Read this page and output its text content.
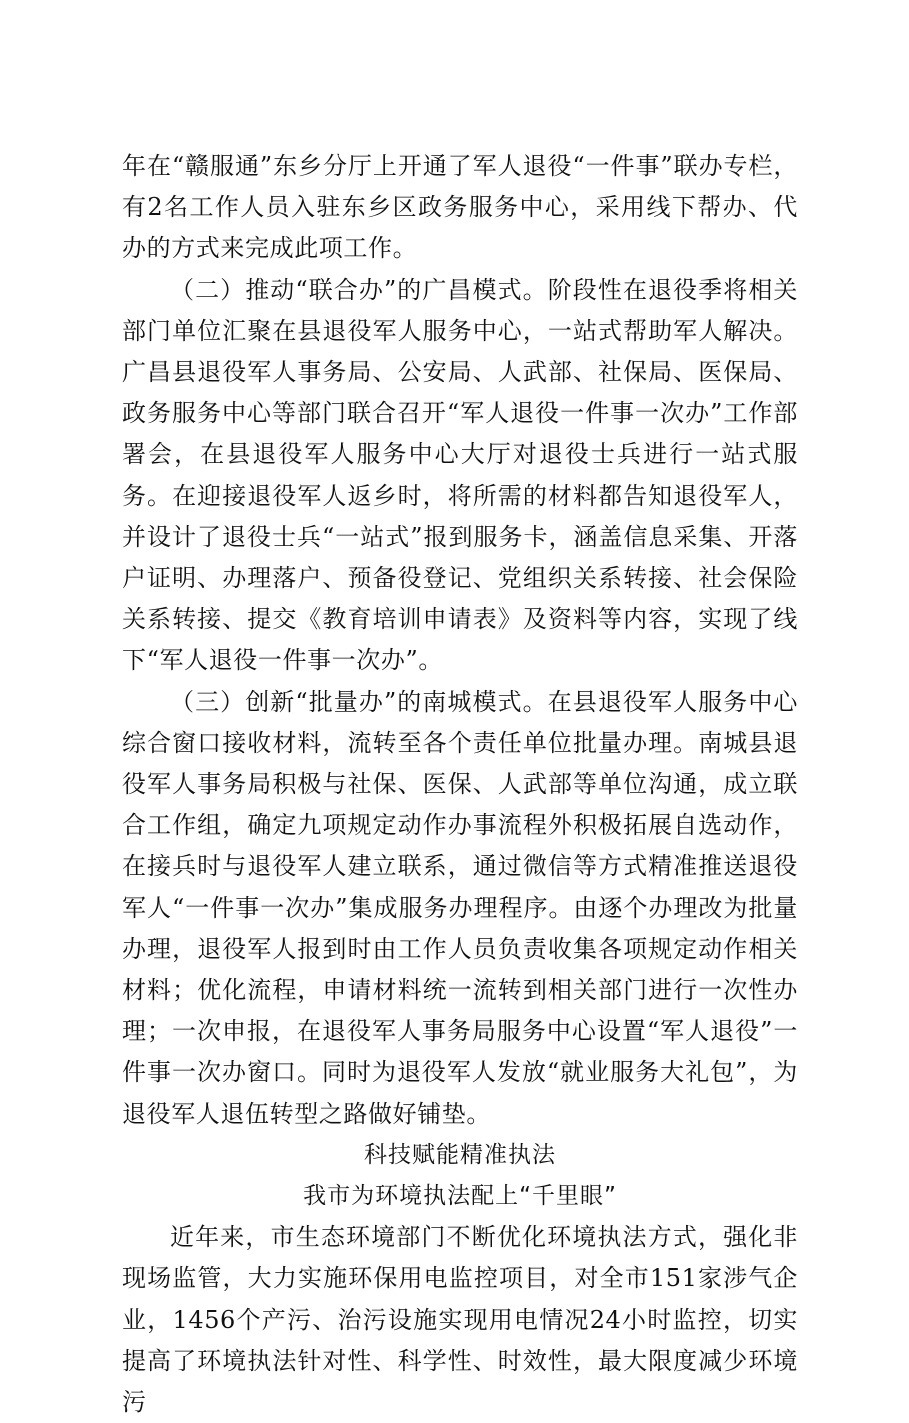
年在“赣服通”东乡分厅上开通了军人退役“一件事”联办专栏，有2名工作人员入驻东乡区政务服务中心，采用线下帮办、代办的方式来完成此项工作。

（二）推动“联合办”的广昌模式。阶段性在退役季将相关部门单位汇聚在县退役军人服务中心，一站式帮助军人解决。广昌县退役军人事务局、公安局、人武部、社保局、医保局、政务服务中心等部门联合召开“军人退役一件事一次办”工作部署会，在县退役军人服务中心大厅对退役士兵进行一站式服务。在迎接退役军人返乡时，将所需的材料都告知退役军人，并设计了退役士兵“一站式”报到服务卡，涵盖信息采集、开落户证明、办理落户、预备役登记、党组织关系转接、社会保险关系转接、提交《教育培训申请表》及资料等内容，实现了线下“军人退役一件事一次办”。

（三）创新“批量办”的南城模式。在县退役军人服务中心综合窗口接收材料，流转至各个责任单位批量办理。南城县退役军人事务局积极与社保、医保、人武部等单位沟通，成立联合工作组，确定九项规定动作办事流程外积极拓展自选动作，在接兵时与退役军人建立联系，通过微信等方式精准推送退役军人“一件事一次办”集成服务办理程序。由逐个办理改为批量办理，退役军人报到时由工作人员负责收集各项规定动作相关材料；优化流程，申请材料统一流转到相关部门进行一次性办理；一次申报，在退役军人事务局服务中心设置“军人退役”一件事一次办窗口。同时为退役军人发放“就业服务大礼包”，为退役军人退伍转型之路做好铺垫。

科技赋能精准执法

我市为环境执法配上“千里眼”

近年来，市生态环境部门不断优化环境执法方式，强化非现场监管，大力实施环保用电监控项目，对全市151家涉气企业，1456个产污、治污设施实现用电情况24小时监控，切实提高了环境执法针对性、科学性、时效性，最大限度减少环境污
